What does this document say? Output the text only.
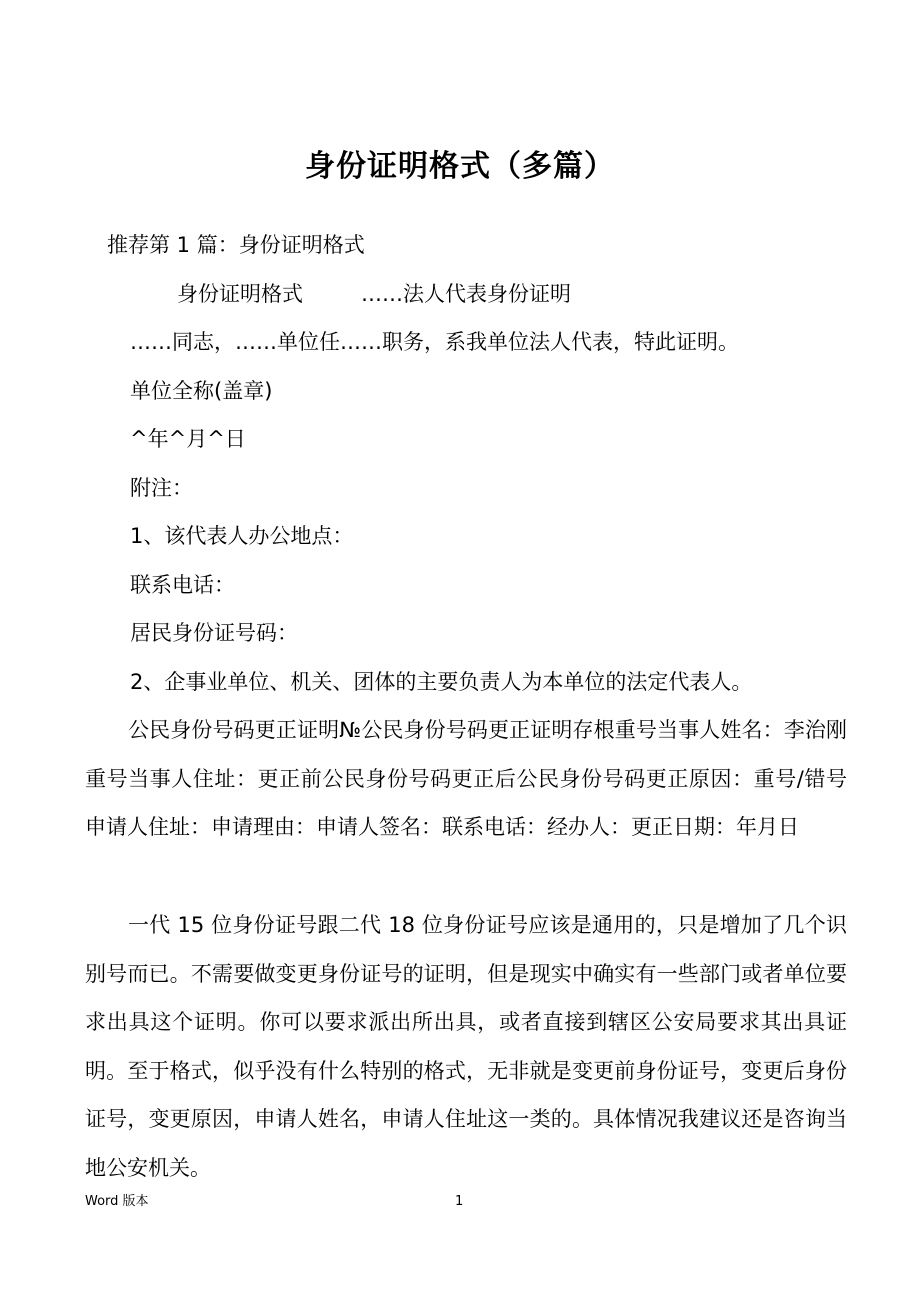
身份证明格式（多篇）
推荐第 1 篇：身份证明格式
身份证明格式	……法人代表身份证明
……同志，……单位任……职务，系我单位法人代表，特此证明。
单位全称(盖章)
^年^月^日
附注：
1、该代表人办公地点：
联系电话：
居民身份证号码：
2、企事业单位、机关、团体的主要负责人为本单位的法定代表人。
公民身份号码更正证明№公民身份号码更正证明存根重号当事人姓名：李治刚重号当事人住址：更正前公民身份号码更正后公民身份号码更正原因：重号/错号申请人住址：申请理由：申请人签名：联系电话：经办人：更正日期：年月日
一代 15 位身份证号跟二代 18 位身份证号应该是通用的，只是增加了几个识别号而已。不需要做变更身份证号的证明，但是现实中确实有一些部门或者单位要求出具这个证明。你可以要求派出所出具，或者直接到辖区公安局要求其出具证明。至于格式，似乎没有什么特别的格式，无非就是变更前身份证号，变更后身份证号，变更原因，申请人姓名，申请人住址这一类的。具体情况我建议还是咨询当地公安机关。
Word 版本	1
